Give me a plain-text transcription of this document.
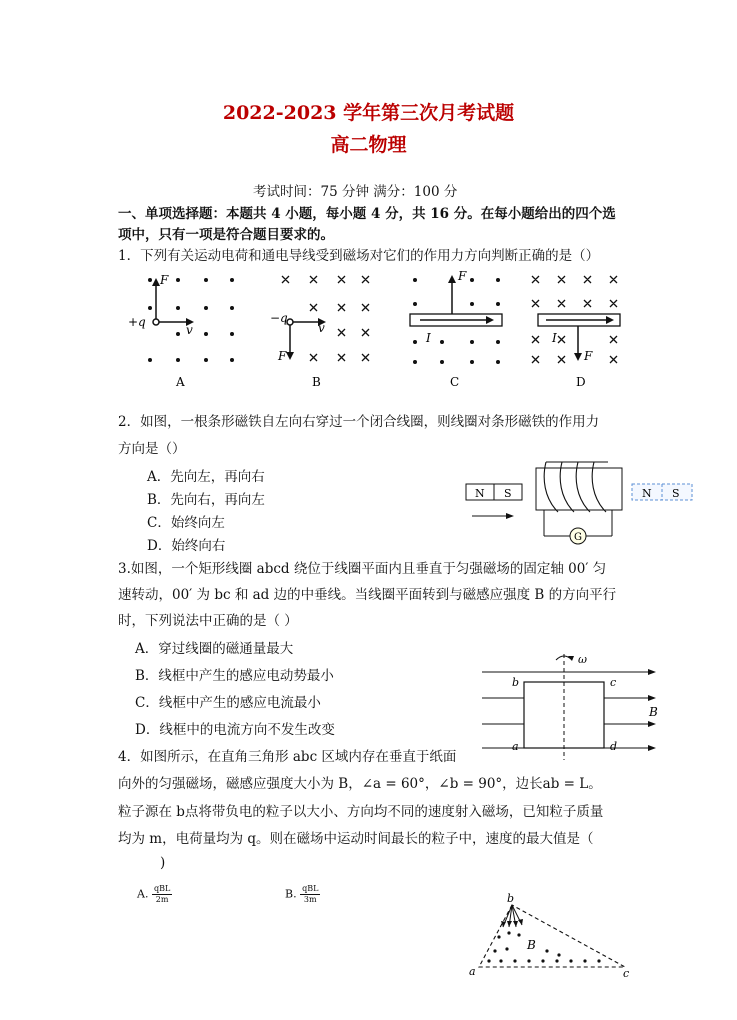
2022-2023 学年第三次月考试题
高二物理
考试时间：75 分钟 满分：100 分
一、单项选择题：本题共 4 小题，每小题 4 分，共 16 分。在每小题给出的四个选
项中，只有一项是符合题目要求的。
1．下列有关运动电荷和通电导线受到磁场对它们的作用力方向判断正确的是（）
F
+q
v
A
−q
v
F
B
F
I
C
I
F
D
2．如图，一根条形磁铁自左向右穿过一个闭合线圈，则线圈对条形磁铁的作用力
方向是（）
A．先向左，再向右
B．先向右，再向左
C．始终向左
D．始终向右
N S
G
N S
3.如图，一个矩形线圈 abcd 绕位于线圈平面内且垂直于匀强磁场的固定轴 00′ 匀
速转动，00′ 为 bc 和 ad 边的中垂线。当线圈平面转到与磁感应强度 B 的方向平行
时，下列说法中正确的是（ ）
A．穿过线圈的磁通量最大
B．线框中产生的感应电动势最小
C．线框中产生的感应电流最小
D．线框中的电流方向不发生改变
ω
b	c
a	d
B
4．如图所示，在直角三角形 abc 区域内存在垂直于纸面
向外的匀强磁场，磁感应强度大小为 B，∠a = 60°，∠b = 90°，边长ab = L。
粒子源在 b点将带负电的粒子以大小、方向均不同的速度射入磁场，已知粒子质量
均为 m，电荷量均为 q。则在磁场中运动时间最长的粒子中，速度的最大值是（
)
A. $\frac{\text{qBL}}{2m}$	B. $\frac{\text{qBL}}{3m}$	b
B
a	c
